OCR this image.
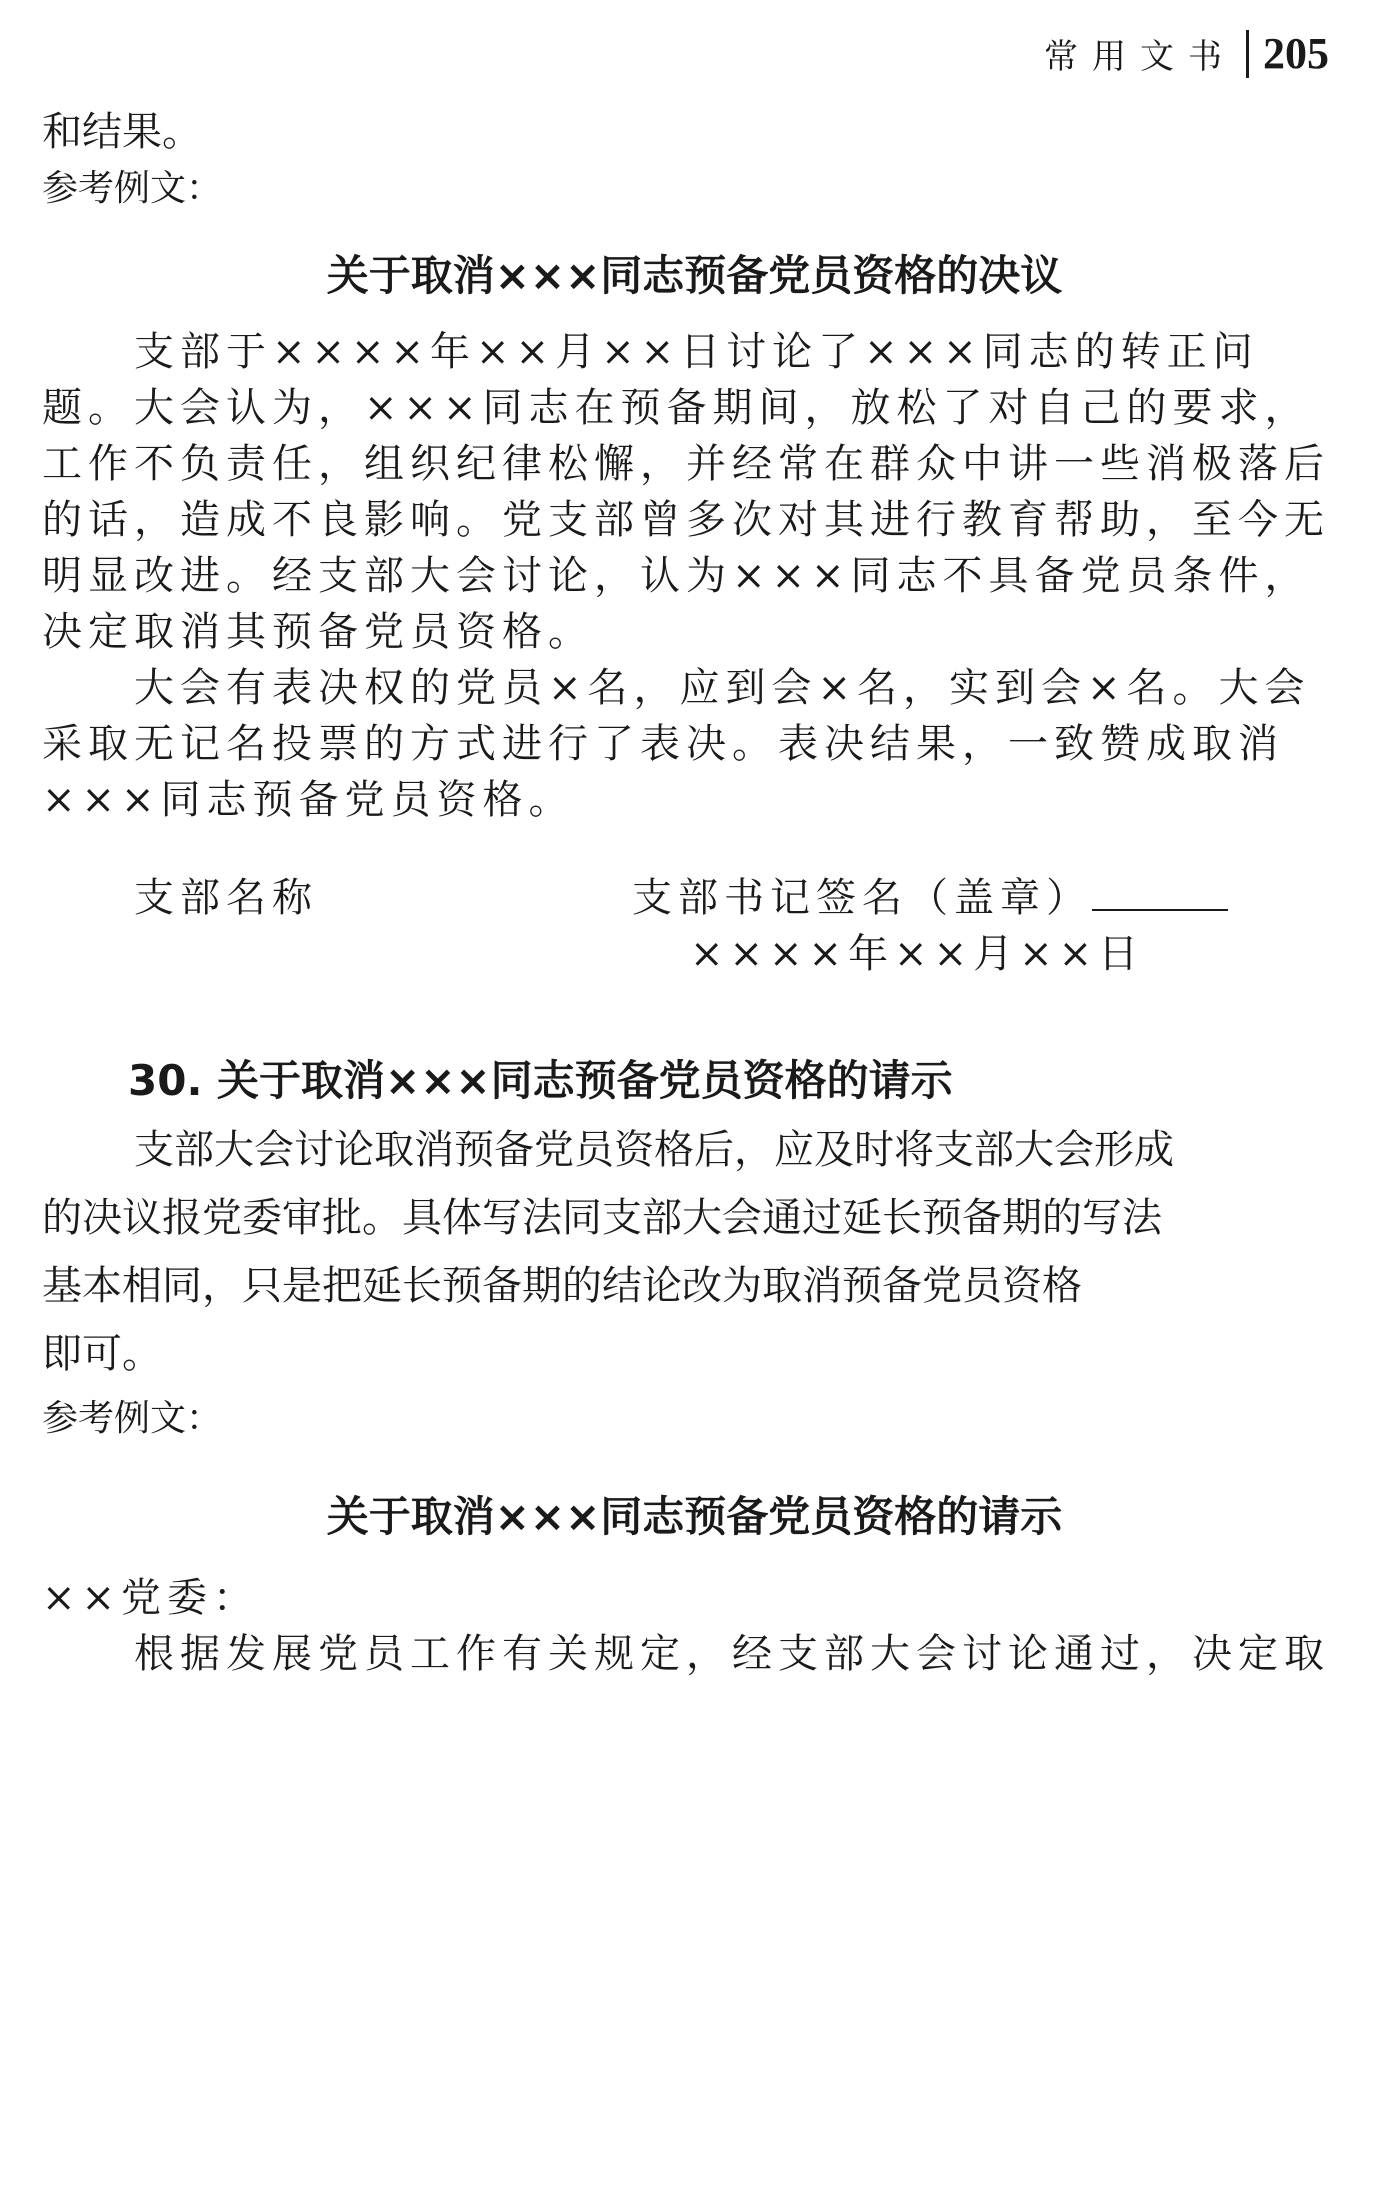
常用文书 205
和结果。
参考例文：
关于取消×××同志预备党员资格的决议
支部于××××年××月××日讨论了×××同志的转正问
题。大会认为，×××同志在预备期间，放松了对自己的要求，
工作不负责任，组织纪律松懈，并经常在群众中讲一些消极落后
的话，造成不良影响。党支部曾多次对其进行教育帮助，至今无
明显改进。经支部大会讨论，认为×××同志不具备党员条件，
决定取消其预备党员资格。
大会有表决权的党员×名，应到会×名，实到会×名。大会
采取无记名投票的方式进行了表决。表决结果，一致赞成取消
×××同志预备党员资格。
支部名称	支部书记签名（盖章）
××××年××月××日
30. 关于取消×××同志预备党员资格的请示
支部大会讨论取消预备党员资格后，应及时将支部大会形成
的决议报党委审批。具体写法同支部大会通过延长预备期的写法
基本相同，只是把延长预备期的结论改为取消预备党员资格
即可。
参考例文：
关于取消×××同志预备党员资格的请示
××党委：
根据发展党员工作有关规定，经支部大会讨论通过，决定取
